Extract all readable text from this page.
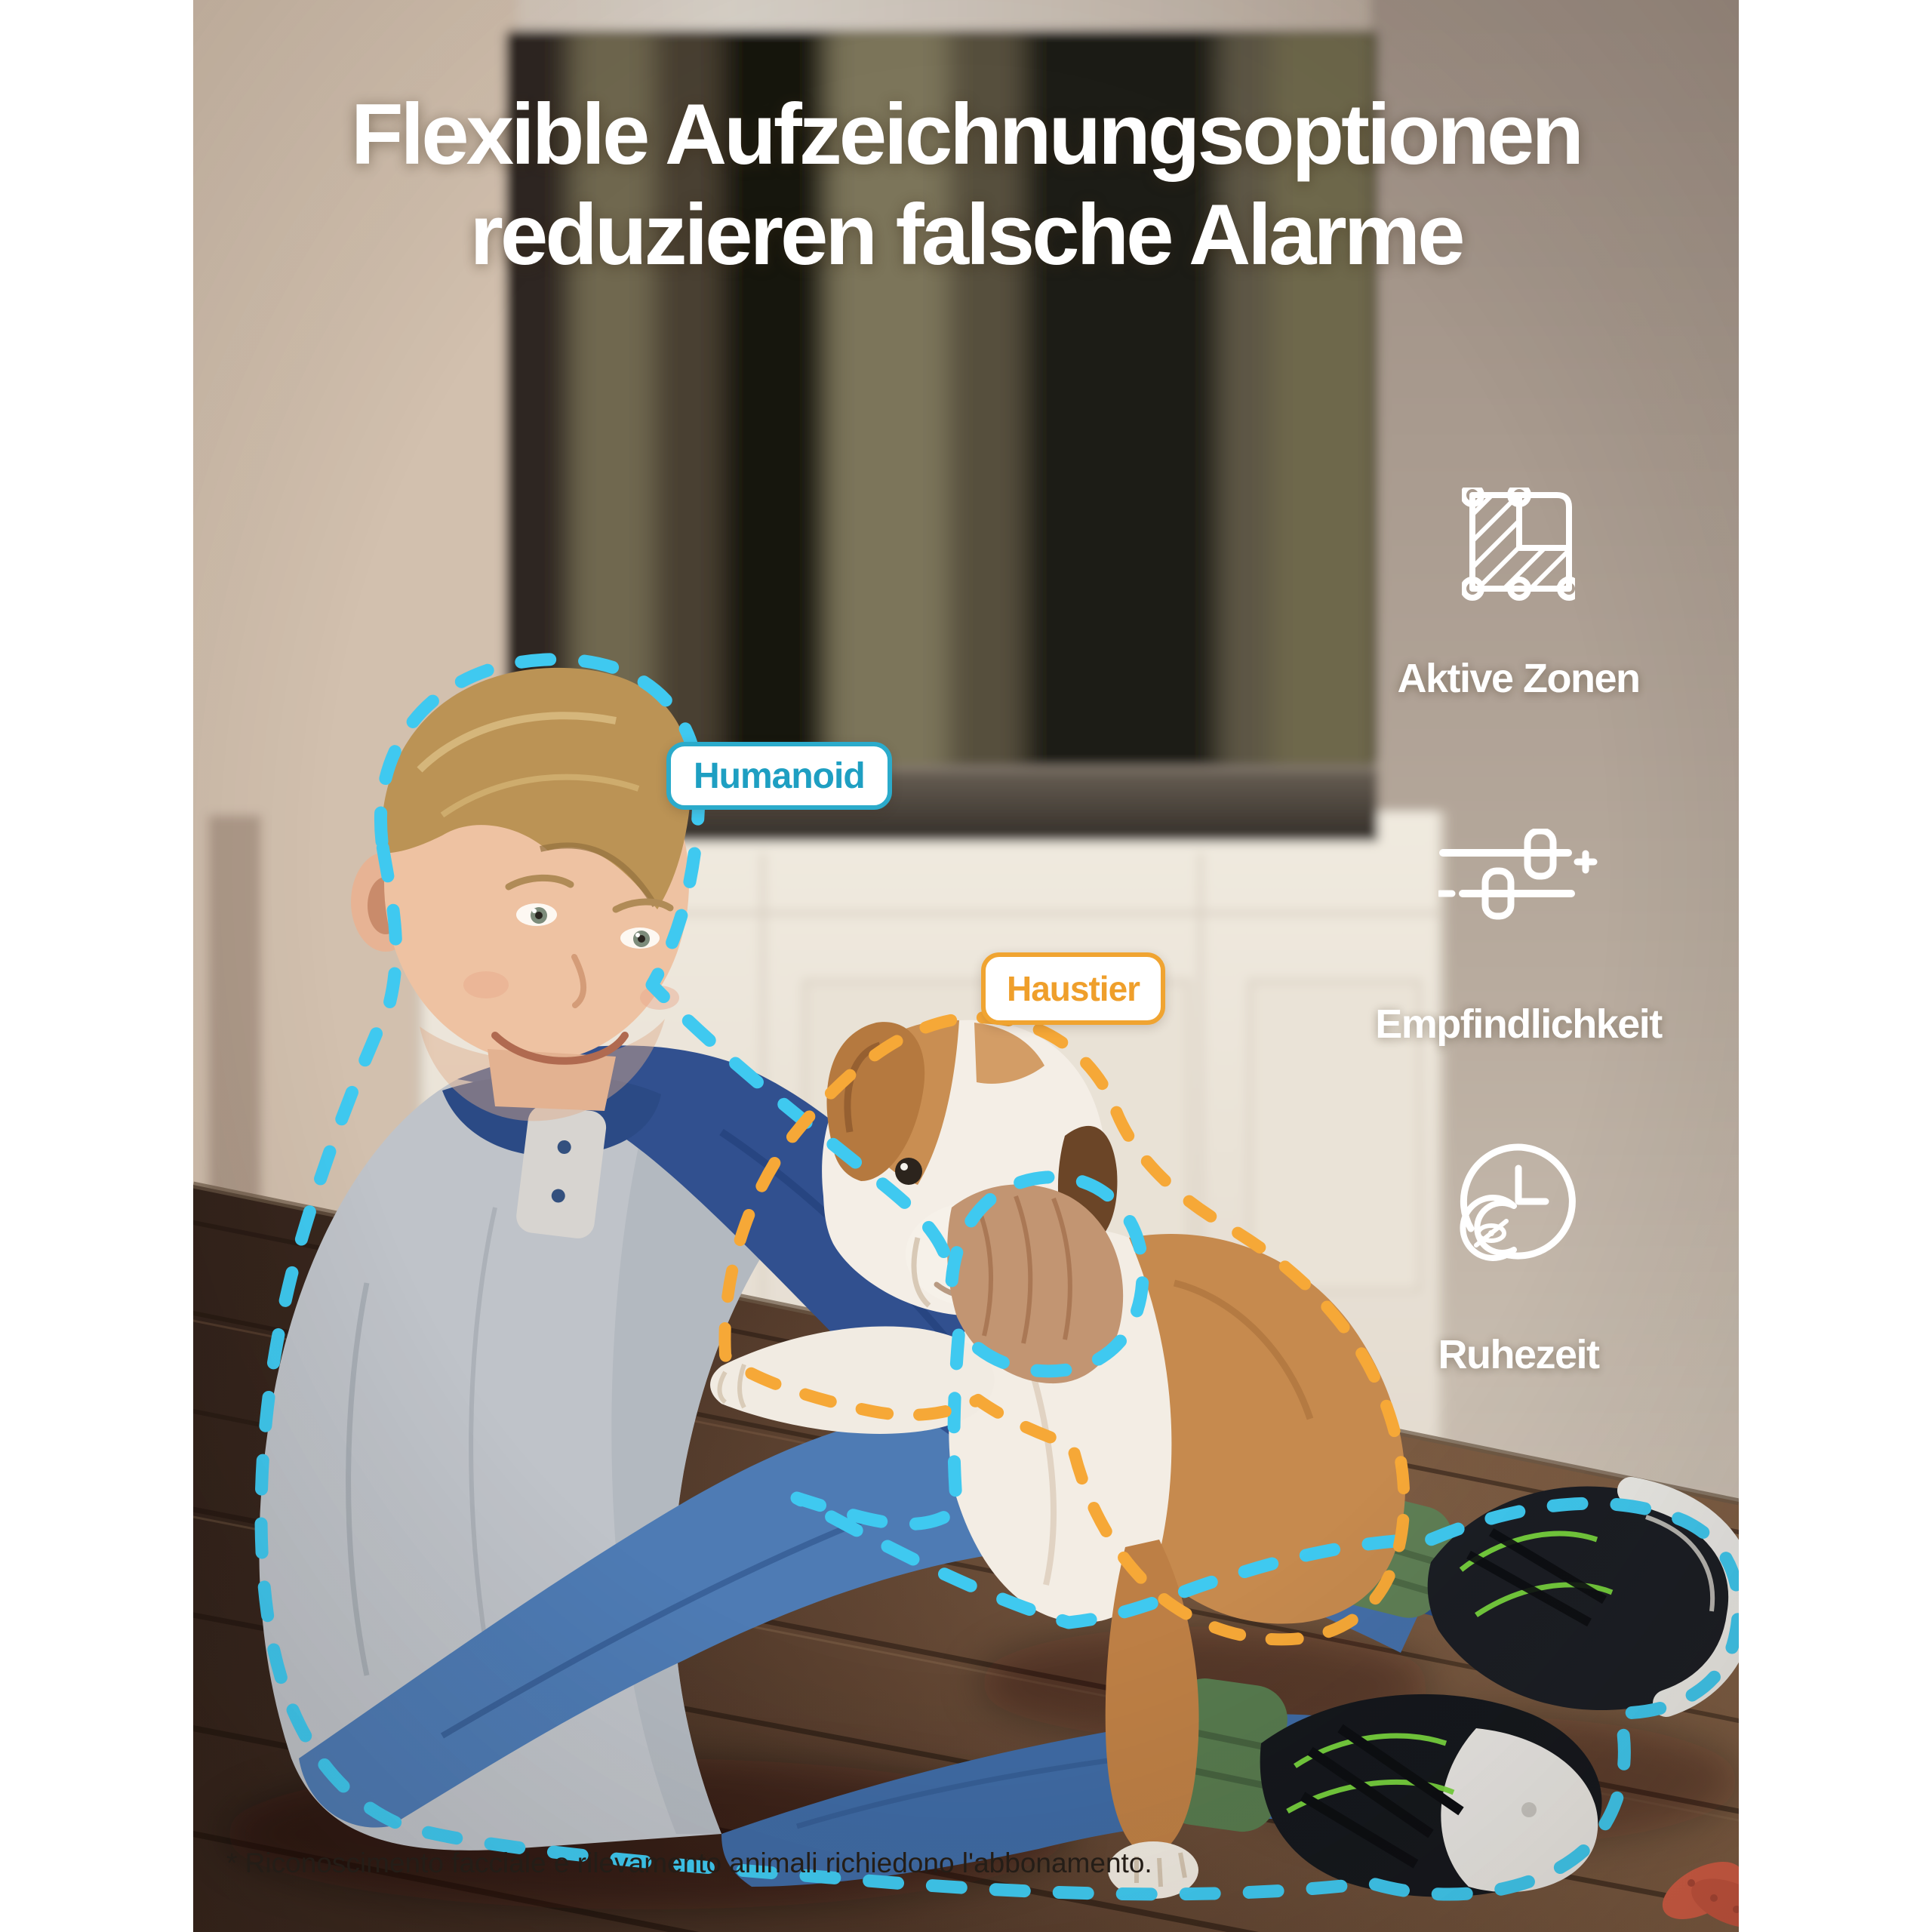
Flexible Aufzeichnungsoptionen
reduzieren falsche Alarme
Humanoid
Haustier
Aktive Zonen
Empfindlichkeit
Ruhezeit
* Riconoscimento facciale e rilevamento animali richiedono l'abbonamento.
